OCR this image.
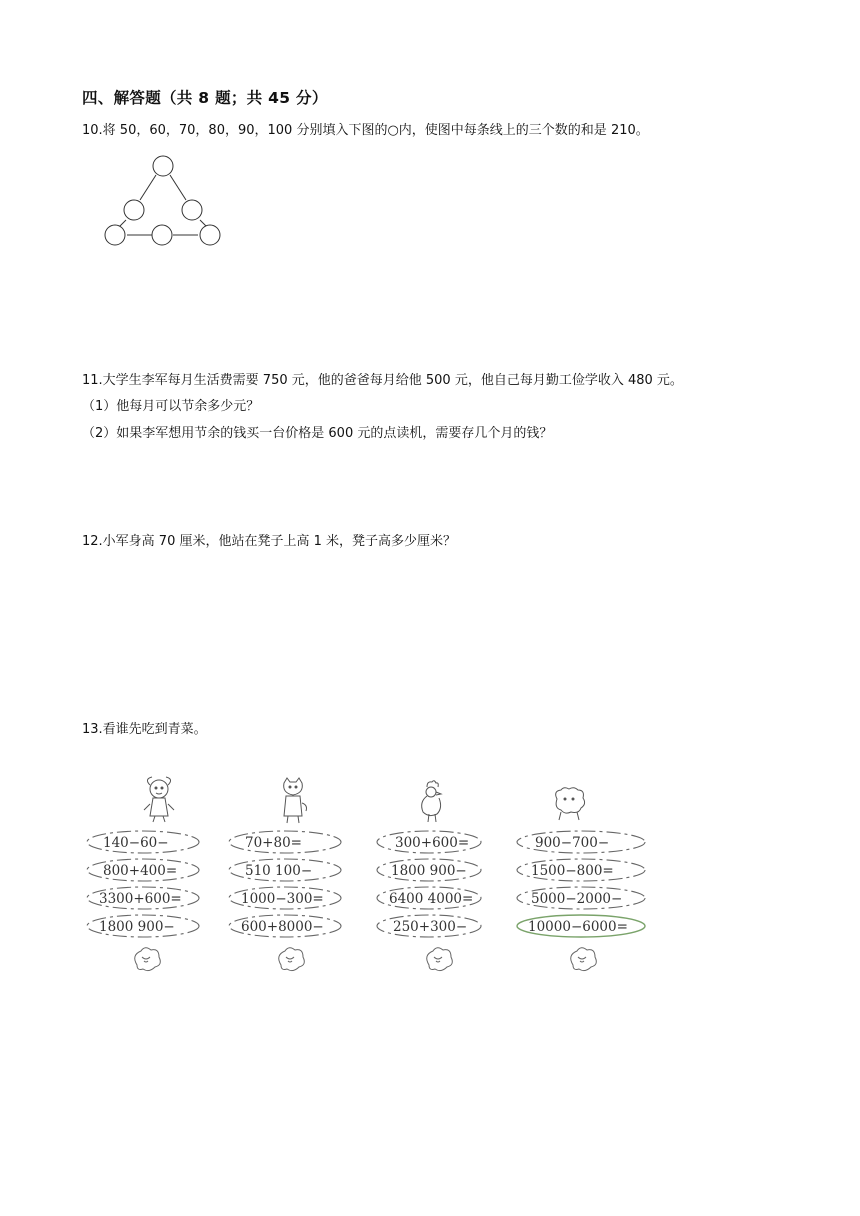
四、解答题（共 8 题；共 45 分）
10.将 50，60，70，80，90，100 分别填入下图的○内，使图中每条线上的三个数的和是 210。
11.大学生李军每月生活费需要 750 元，他的爸爸每月给他 500 元，他自己每月勤工俭学收入 480 元。
（1）他每月可以节余多少元？
（2）如果李军想用节余的钱买一台价格是 600 元的点读机，需要存几个月的钱？
12.小军身高 70 厘米，他站在凳子上高 1 米，凳子高多少厘米？
13.看谁先吃到青菜。
140−60−
800+400=
3300+600=
1800 900−
70+80=
510 100−
1000−300=
600+8000−
300+600=
1800 900−
6400 4000=
250+300−
900−700−
1500−800=
5000−2000−
10000−6000=
